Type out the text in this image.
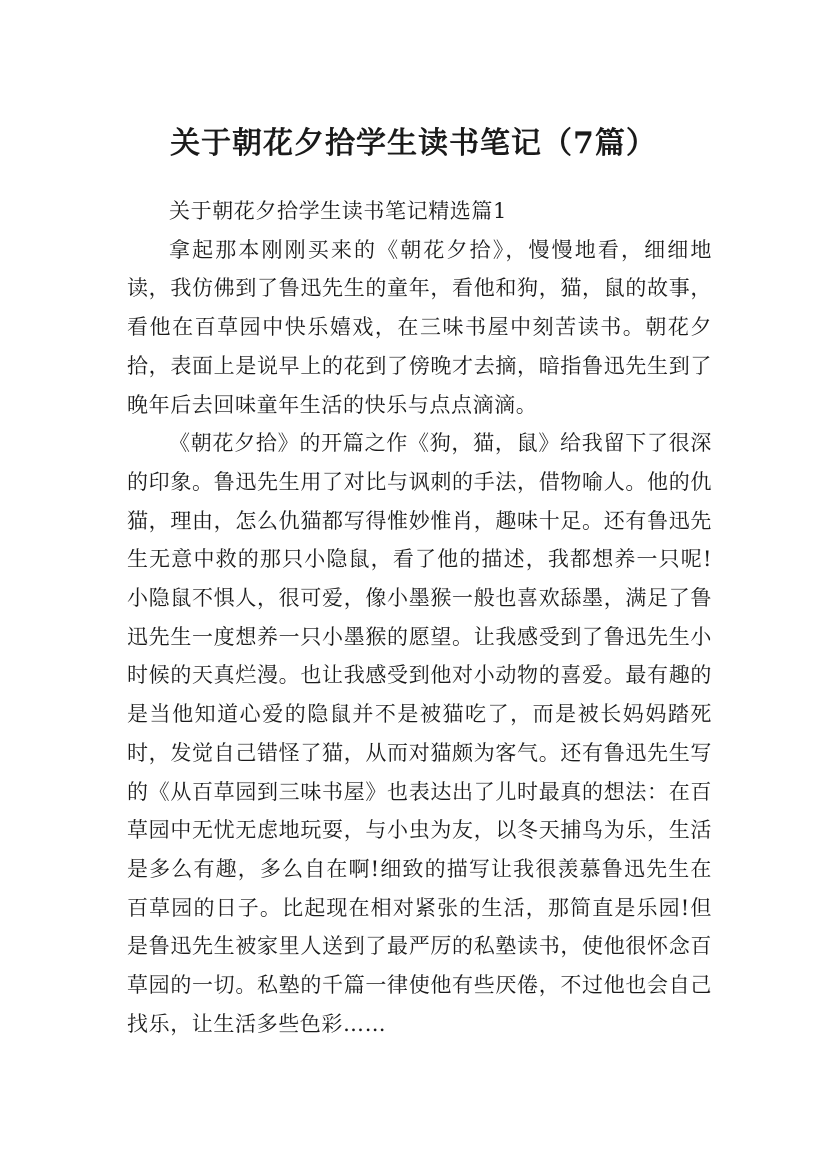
关于朝花夕拾学生读书笔记（7篇）

关于朝花夕拾学生读书笔记精选篇1

拿起那本刚刚买来的《朝花夕拾》，慢慢地看，细细地读，我仿佛到了鲁迅先生的童年，看他和狗，猫，鼠的故事，看他在百草园中快乐嬉戏，在三味书屋中刻苦读书。朝花夕拾，表面上是说早上的花到了傍晚才去摘，暗指鲁迅先生到了晚年后去回味童年生活的快乐与点点滴滴。

《朝花夕拾》的开篇之作《狗，猫，鼠》给我留下了很深的印象。鲁迅先生用了对比与讽刺的手法，借物喻人。他的仇猫，理由，怎么仇猫都写得惟妙惟肖，趣味十足。还有鲁迅先生无意中救的那只小隐鼠，看了他的描述，我都想养一只呢!小隐鼠不惧人，很可爱，像小墨猴一般也喜欢舔墨，满足了鲁迅先生一度想养一只小墨猴的愿望。让我感受到了鲁迅先生小时候的天真烂漫。也让我感受到他对小动物的喜爱。最有趣的是当他知道心爱的隐鼠并不是被猫吃了，而是被长妈妈踏死时，发觉自己错怪了猫，从而对猫颇为客气。还有鲁迅先生写的《从百草园到三味书屋》也表达出了儿时最真的想法：在百草园中无忧无虑地玩耍，与小虫为友，以冬天捕鸟为乐，生活是多么有趣，多么自在啊!细致的描写让我很羡慕鲁迅先生在百草园的日子。比起现在相对紧张的生活，那简直是乐园!但是鲁迅先生被家里人送到了最严厉的私塾读书，使他很怀念百草园的一切。私塾的千篇一律使他有些厌倦，不过他也会自己找乐，让生活多些色彩……
